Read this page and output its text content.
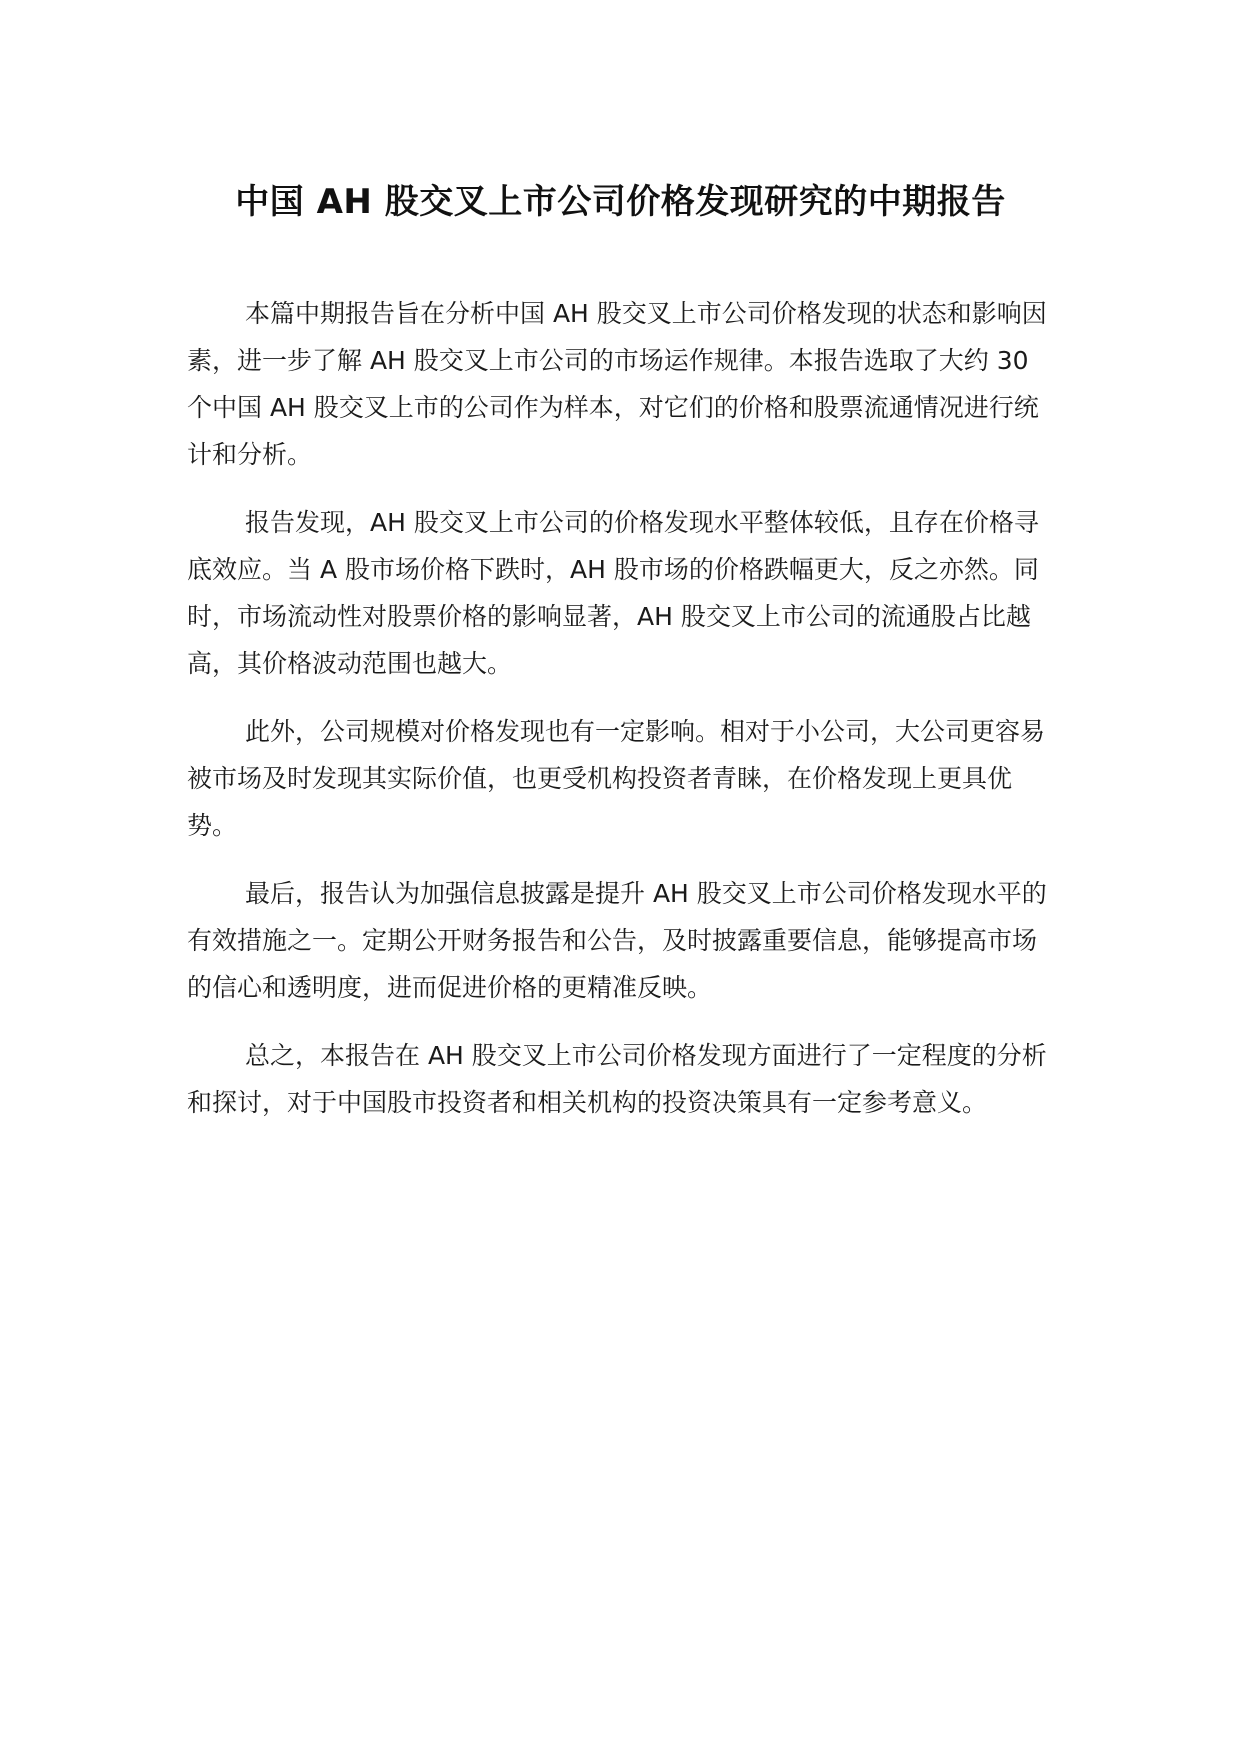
中国 AH 股交叉上市公司价格发现研究的中期报告

本篇中期报告旨在分析中国 AH 股交叉上市公司价格发现的状态和影响因素，进一步了解 AH 股交叉上市公司的市场运作规律。本报告选取了大约 30 个中国 AH 股交叉上市的公司作为样本，对它们的价格和股票流通情况进行统计和分析。

报告发现，AH 股交叉上市公司的价格发现水平整体较低，且存在价格寻底效应。当 A 股市场价格下跌时，AH 股市场的价格跌幅更大，反之亦然。同时，市场流动性对股票价格的影响显著，AH 股交叉上市公司的流通股占比越高，其价格波动范围也越大。

此外，公司规模对价格发现也有一定影响。相对于小公司，大公司更容易被市场及时发现其实际价值，也更受机构投资者青睐，在价格发现上更具优势。

最后，报告认为加强信息披露是提升 AH 股交叉上市公司价格发现水平的有效措施之一。定期公开财务报告和公告，及时披露重要信息，能够提高市场的信心和透明度，进而促进价格的更精准反映。

总之，本报告在 AH 股交叉上市公司价格发现方面进行了一定程度的分析和探讨，对于中国股市投资者和相关机构的投资决策具有一定参考意义。
